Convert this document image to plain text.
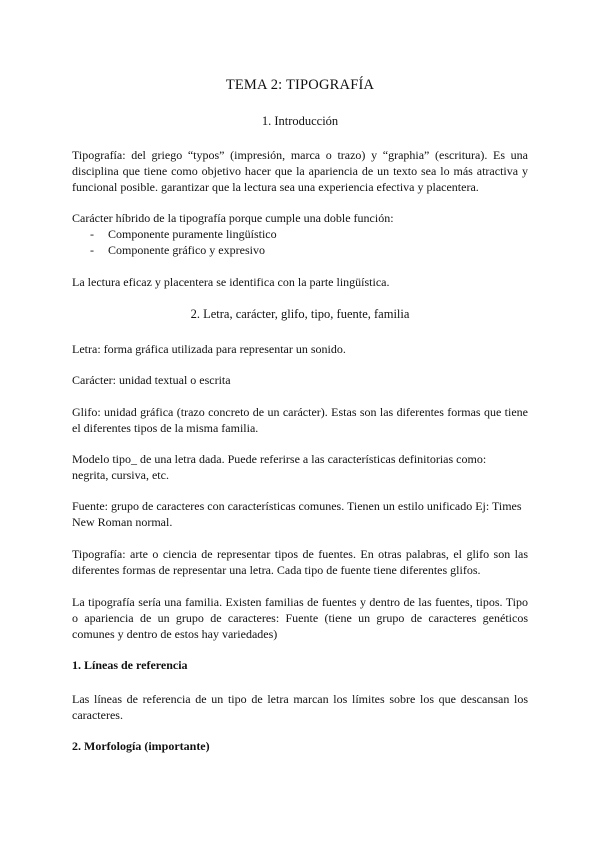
TEMA 2: TIPOGRAFÍA
1. Introducción

Tipografía: del griego “typos” (impresión, marca o trazo) y “graphia” (escritura). Es una disciplina que tiene como objetivo hacer que la apariencia de un texto sea lo más atractiva y funcional posible. garantizar que la lectura sea una experiencia efectiva y placentera.

Carácter híbrido de la tipografía porque cumple una doble función:

- Componente puramente lingüístico
- Componente gráfico y expresivo

La lectura eficaz y placentera se identifica con la parte lingüística.

2. Letra, carácter, glifo, tipo, fuente, familia

Letra: forma gráfica utilizada para representar un sonido.

Carácter: unidad textual o escrita

Glifo: unidad gráfica (trazo concreto de un carácter). Estas son las diferentes formas que tiene el diferentes tipos de la misma familia.

Modelo tipo_ de una letra dada. Puede referirse a las características definitorias como: negrita, cursiva, etc.

Fuente: grupo de caracteres con características comunes. Tienen un estilo unificado Ej: Times New Roman normal.

Tipografía: arte o ciencia de representar tipos de fuentes. En otras palabras, el glifo son las diferentes formas de representar una letra. Cada tipo de fuente tiene diferentes glifos.

La tipografía sería una familia. Existen familias de fuentes y dentro de las fuentes, tipos. Tipo o apariencia de un grupo de caracteres: Fuente (tiene un grupo de caracteres genéticos comunes y dentro de estos hay variedades)

1. Líneas de referencia

Las líneas de referencia de un tipo de letra marcan los límites sobre los que descansan los caracteres.

2. Morfología (importante)
